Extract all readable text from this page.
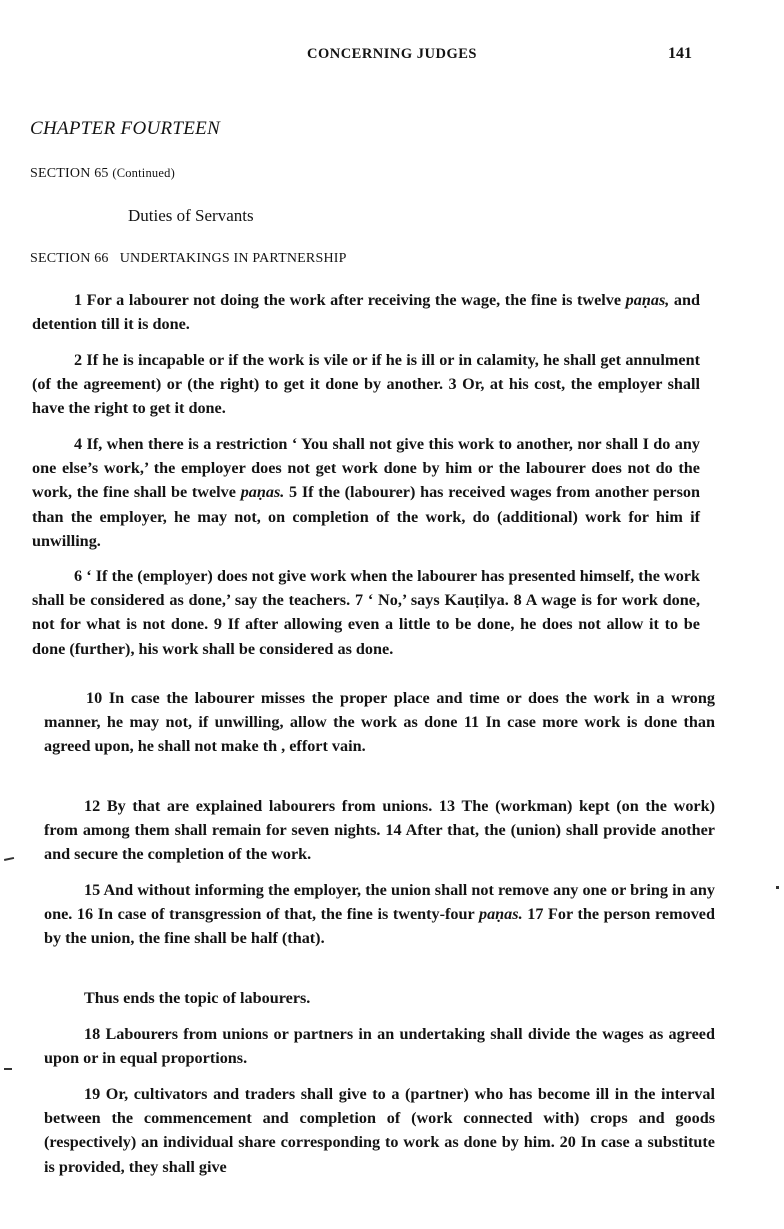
CONCERNING JUDGES	141
CHAPTER FOURTEEN
SECTION 65 (Continued)
Duties of Servants
SECTION 66 UNDERTAKINGS IN PARTNERSHIP
1 For a labourer not doing the work after receiving the wage, the fine is twelve paṇas, and detention till it is done.
2 If he is incapable or if the work is vile or if he is ill or in calamity, he shall get annulment (of the agreement) or (the right) to get it done by another. 3 Or, at his cost, the employer shall have the right to get it done.
4 If, when there is a restriction ‘ You shall not give this work to another, nor shall I do any one else’s work,’ the employer does not get work done by him or the labourer does not do the work, the fine shall be twelve paṇas. 5 If the (labourer) has received wages from another person than the employer, he may not, on completion of the work, do (additional) work for him if unwilling.
6 ‘ If the (employer) does not give work when the labourer has presented himself, the work shall be considered as done,’ say the teachers. 7 ‘ No,’ says Kauṭilya. 8 A wage is for work done, not for what is not done. 9 If after allowing even a little to be done, he does not allow it to be done (further), his work shall be considered as done.
10 In case the labourer misses the proper place and time or does the work in a wrong manner, he may not, if unwilling, allow the work as done 11 In case more work is done than agreed upon, he shall not make th , effort vain.
12 By that are explained labourers from unions. 13 The (workman) kept (on the work) from among them shall remain for seven nights. 14 After that, the (union) shall provide another and secure the completion of the work.
15 And without informing the employer, the union shall not remove any one or bring in any one. 16 In case of transgression of that, the fine is twenty-four paṇas. 17 For the person removed by the union, the fine shall be half (that).
Thus ends the topic of labourers.
18 Labourers from unions or partners in an undertaking shall divide the wages as agreed upon or in equal proportions.
19 Or, cultivators and traders shall give to a (partner) who has become ill in the interval between the commencement and completion of (work connected with) crops and goods (respectively) an individual share corresponding to work as done by him. 20 In case a substitute is provided, they shall give
